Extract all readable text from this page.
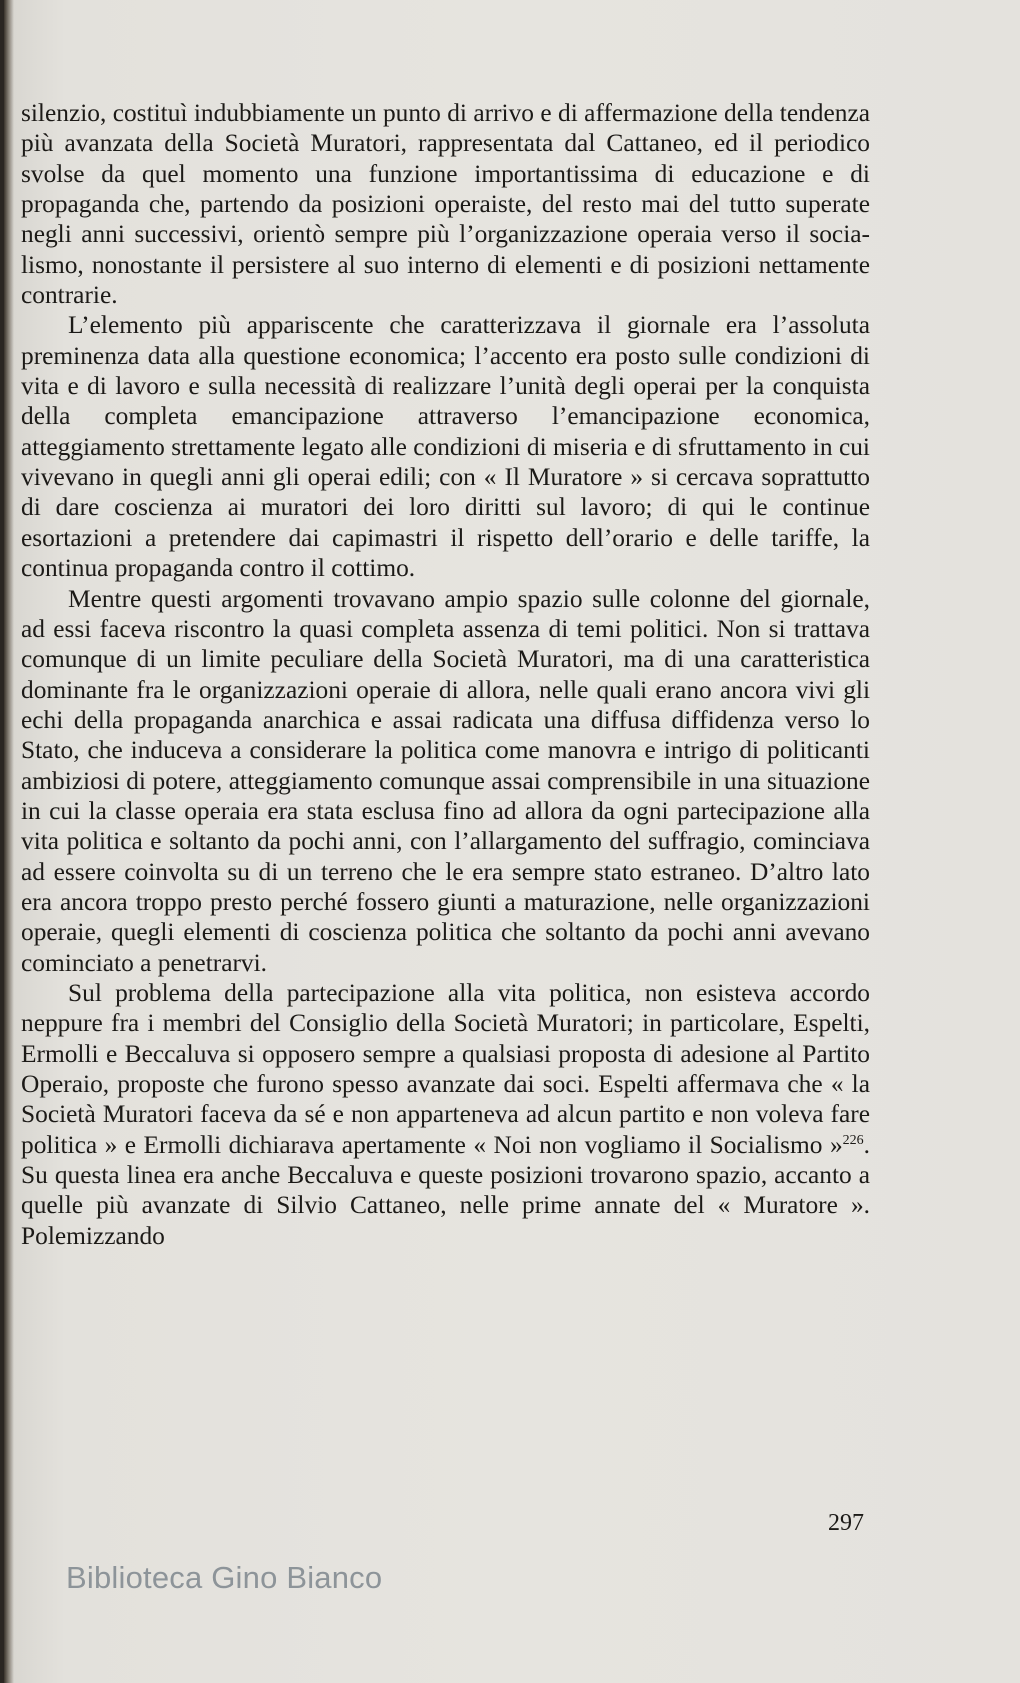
silenzio, costituì indubbiamente un punto di arrivo e di affermazione della tendenza più avanzata della Società Muratori, rappresentata dal Cattaneo, ed il periodico svolse da quel momento una funzione importantissima di educazione e di propaganda che, partendo da posizioni operaiste, del resto mai del tutto superate negli anni successivi, orientò sempre più l’organizzazione operaia verso il socialismo, nonostante il persistere al suo interno di elementi e di posizioni nettamente contrarie.

L’elemento più appariscente che caratterizzava il giornale era l’assoluta preminenza data alla questione economica; l’accento era posto sulle condizioni di vita e di lavoro e sulla necessità di realizzare l’unità degli operai per la conquista della completa emancipazione attraverso l’emancipazione economica, atteggiamento strettamente legato alle condizioni di miseria e di sfruttamento in cui vivevano in quegli anni gli operai edili; con « Il Muratore » si cercava soprattutto di dare coscienza ai muratori dei loro diritti sul lavoro; di qui le continue esortazioni a pretendere dai capimastri il rispetto dell’orario e delle tariffe, la continua propaganda contro il cottimo.

Mentre questi argomenti trovavano ampio spazio sulle colonne del giornale, ad essi faceva riscontro la quasi completa assenza di temi politici. Non si trattava comunque di un limite peculiare della Società Muratori, ma di una caratteristica dominante fra le organizzazioni operaie di allora, nelle quali erano ancora vivi gli echi della propaganda anarchica e assai radicata una diffusa diffidenza verso lo Stato, che induceva a considerare la politica come manovra e intrigo di politicanti ambiziosi di potere, atteggiamento comunque assai comprensibile in una situazione in cui la classe operaia era stata esclusa fino ad allora da ogni partecipazione alla vita politica e soltanto da pochi anni, con l’allargamento del suffragio, cominciava ad essere coinvolta su di un terreno che le era sempre stato estraneo. D’altro lato era ancora troppo presto perché fossero giunti a maturazione, nelle organizzazioni operaie, quegli elementi di coscienza politica che soltanto da pochi anni avevano cominciato a penetrarvi.

Sul problema della partecipazione alla vita politica, non esisteva accordo neppure fra i membri del Consiglio della Società Muratori; in particolare, Espelti, Ermolli e Beccaluva si opposero sempre a qualsiasi proposta di adesione al Partito Operaio, proposte che furono spesso avanzate dai soci. Espelti affermava che « la Società Muratori faceva da sé e non apparteneva ad alcun partito e non voleva fare politica » e Ermolli dichiarava apertamente « Noi non vogliamo il Socialismo »$^{226}$. Su questa linea era anche Beccaluva e queste posizioni trovarono spazio, accanto a quelle più avanzate di Silvio Cattaneo, nelle prime annate del « Muratore ». Polemizzando

297
Biblioteca Gino Bianco
